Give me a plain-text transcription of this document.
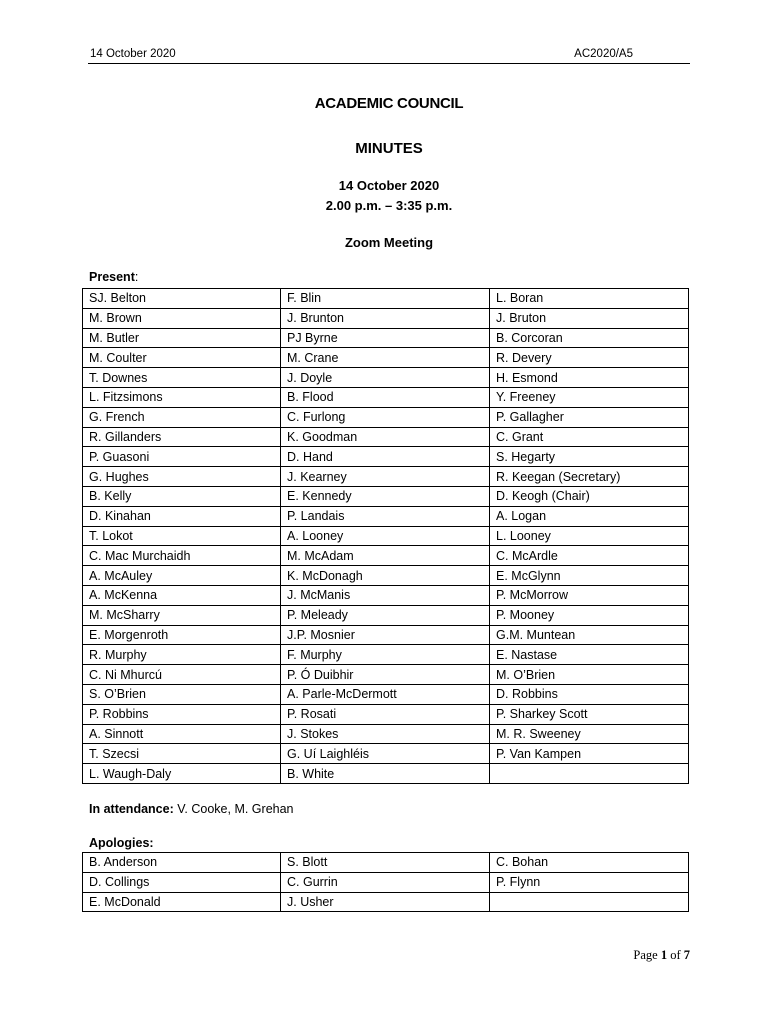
14 October 2020	AC2020/A5
ACADEMIC COUNCIL
MINUTES
14 October 2020
2.00 p.m. – 3:35 p.m.
Zoom Meeting
Present:
SJ. Belton	F. Blin	L. Boran
M. Brown	J. Brunton	J. Bruton
M. Butler	PJ Byrne	B. Corcoran
M. Coulter	M. Crane	R. Devery
T. Downes	J. Doyle	H. Esmond
L. Fitzsimons	B. Flood	Y. Freeney
G. French	C. Furlong	P. Gallagher
R. Gillanders	K. Goodman	C. Grant
P. Guasoni	D. Hand	S. Hegarty
G. Hughes	J. Kearney	R. Keegan (Secretary)
B. Kelly	E. Kennedy	D. Keogh (Chair)
D. Kinahan	P. Landais	A. Logan
T. Lokot	A. Looney	L. Looney
C. Mac Murchaidh	M. McAdam	C. McArdle
A. McAuley	K. McDonagh	E. McGlynn
A. McKenna	J. McManis	P. McMorrow
M. McSharry	P. Meleady	P. Mooney
E. Morgenroth	J.P. Mosnier	G.M. Muntean
R. Murphy	F. Murphy	E. Nastase
C. Ni Mhurcú	P. Ó Duibhir	M. O’Brien
S. O’Brien	A. Parle-McDermott	D. Robbins
P. Robbins	P. Rosati	P. Sharkey Scott
A. Sinnott	J. Stokes	M. R. Sweeney
T. Szecsi	G. Uí Laighléis	P. Van Kampen
L. Waugh-Daly	B. White	
In attendance: V. Cooke, M. Grehan
Apologies:
B. Anderson	S. Blott	C. Bohan
D. Collings	C. Gurrin	P. Flynn
E. McDonald	J. Usher	
Page 1 of 7
